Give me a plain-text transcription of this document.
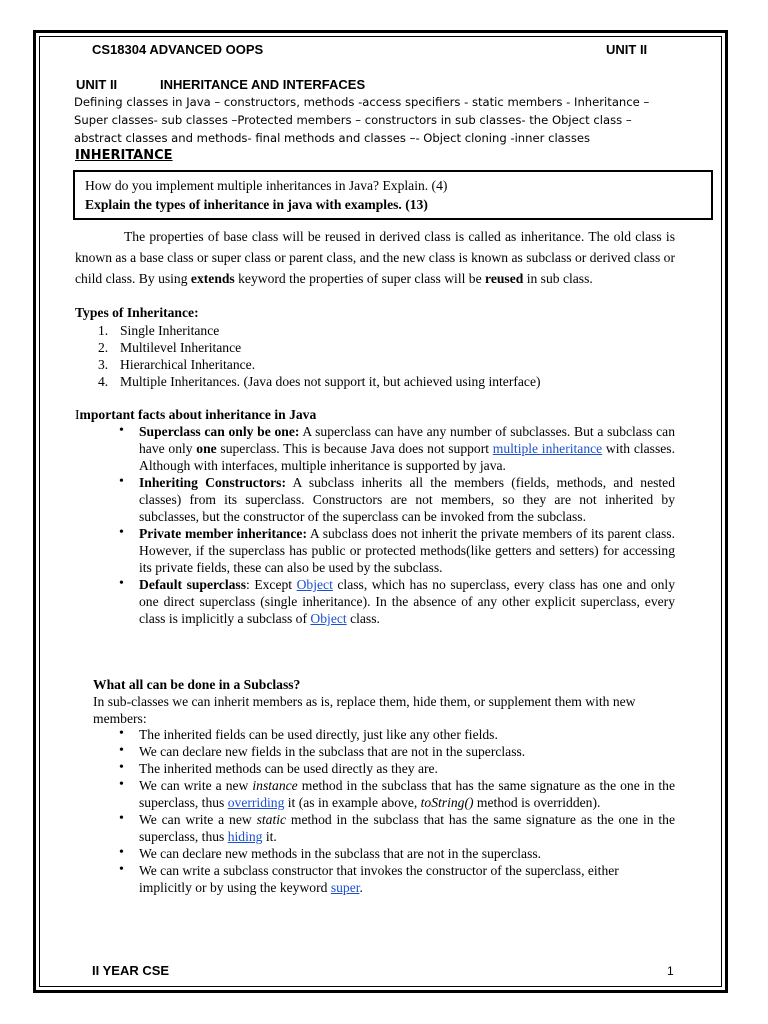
CS18304 ADVANCED OOPS	UNIT II
UNIT II	INHERITANCE AND INTERFACES
Defining classes in Java – constructors, methods -access specifiers - static members - Inheritance –
Super classes- sub classes –Protected members – constructors in sub classes- the Object class –
abstract classes and methods- final methods and classes –- Object cloning -inner classes
INHERITANCE
How do you implement multiple inheritances in Java? Explain. (4)
Explain the types of inheritance in java with examples. (13)
The properties of base class will be reused in derived class is called as inheritance. The old class is known as a base class or super class or parent class, and the new class is known as subclass or derived class or child class. By using extends keyword the properties of super class will be reused in sub class.
Types of Inheritance:
1. Single Inheritance
2. Multilevel Inheritance
3. Hierarchical Inheritance.
4. Multiple Inheritances. (Java does not support it, but achieved using interface)
Important facts about inheritance in Java
• Superclass can only be one: A superclass can have any number of subclasses. But a subclass can have only one superclass. This is because Java does not support multiple inheritance with classes. Although with interfaces, multiple inheritance is supported by java.
• Inheriting Constructors: A subclass inherits all the members (fields, methods, and nested classes) from its superclass. Constructors are not members, so they are not inherited by subclasses, but the constructor of the superclass can be invoked from the subclass.
• Private member inheritance: A subclass does not inherit the private members of its parent class. However, if the superclass has public or protected methods(like getters and setters) for accessing its private fields, these can also be used by the subclass.
• Default superclass: Except Object class, which has no superclass, every class has one and only one direct superclass (single inheritance). In the absence of any other explicit superclass, every class is implicitly a subclass of Object class.
What all can be done in a Subclass?
In sub-classes we can inherit members as is, replace them, hide them, or supplement them with new members:
• The inherited fields can be used directly, just like any other fields.
• We can declare new fields in the subclass that are not in the superclass.
• The inherited methods can be used directly as they are.
• We can write a new instance method in the subclass that has the same signature as the one in the superclass, thus overriding it (as in example above, toString() method is overridden).
• We can write a new static method in the subclass that has the same signature as the one in the superclass, thus hiding it.
• We can declare new methods in the subclass that are not in the superclass.
• We can write a subclass constructor that invokes the constructor of the superclass, either implicitly or by using the keyword super.
II YEAR CSE	1
